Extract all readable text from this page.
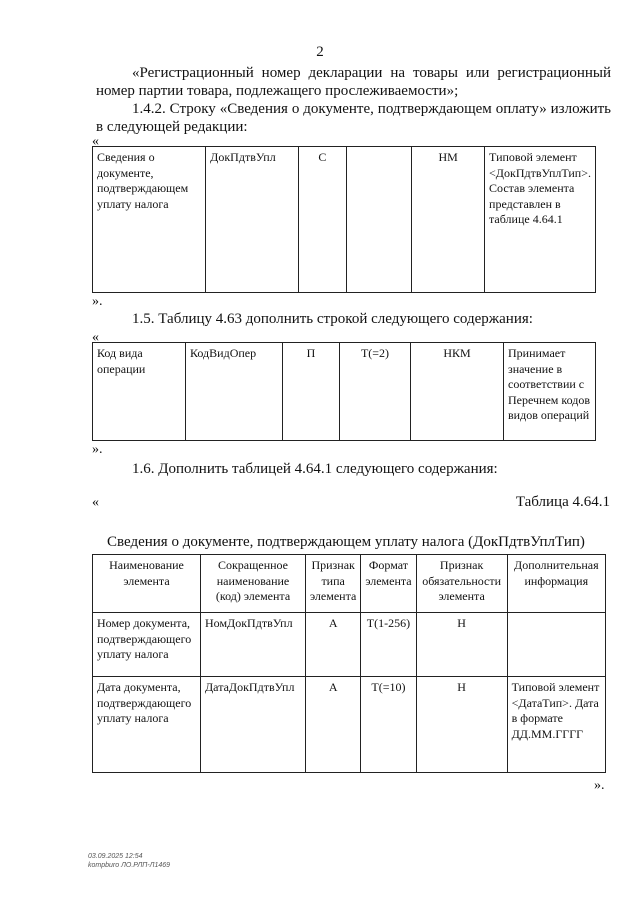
2
«Регистрационный номер декларации на товары или регистрационный номер партии товара, подлежащего прослеживаемости»;
1.4.2. Строку «Сведения о документе, подтверждающем оплату» изложить в следующей редакции:
«
Сведения о документе, подтверждающем уплату налога	ДокПдтвУпл	С		НМ	Типовой элемент <ДокПдтвУплТип>. Состав элемента представлен в таблице 4.64.1
».
1.5. Таблицу 4.63 дополнить строкой следующего содержания:
«
Код вида операции	КодВидОпер	П	Т(=2)	НКМ	Принимает значение в соответствии с Перечнем кодов видов операций
».
1.6. Дополнить таблицей 4.64.1 следующего содержания:
«	Таблица 4.64.1
Сведения о документе, подтверждающем уплату налога (ДокПдтвУплТип)
Наименование элемента	Сокращенное наименование (код) элемента	Признак типа элемента	Формат элемента	Признак обязательности элемента	Дополнительная информация
Номер документа, подтверждающего уплату налога	НомДокПдтвУпл	А	Т(1-256)	Н	
Дата документа, подтверждающего уплату налога	ДатаДокПдтвУпл	А	Т(=10)	Н	Типовой элемент <ДатаТип>. Дата в формате ДД.ММ.ГГГГ
».
03.09.2025 12:54
kompburo ЛО.РЛП-Л1469
